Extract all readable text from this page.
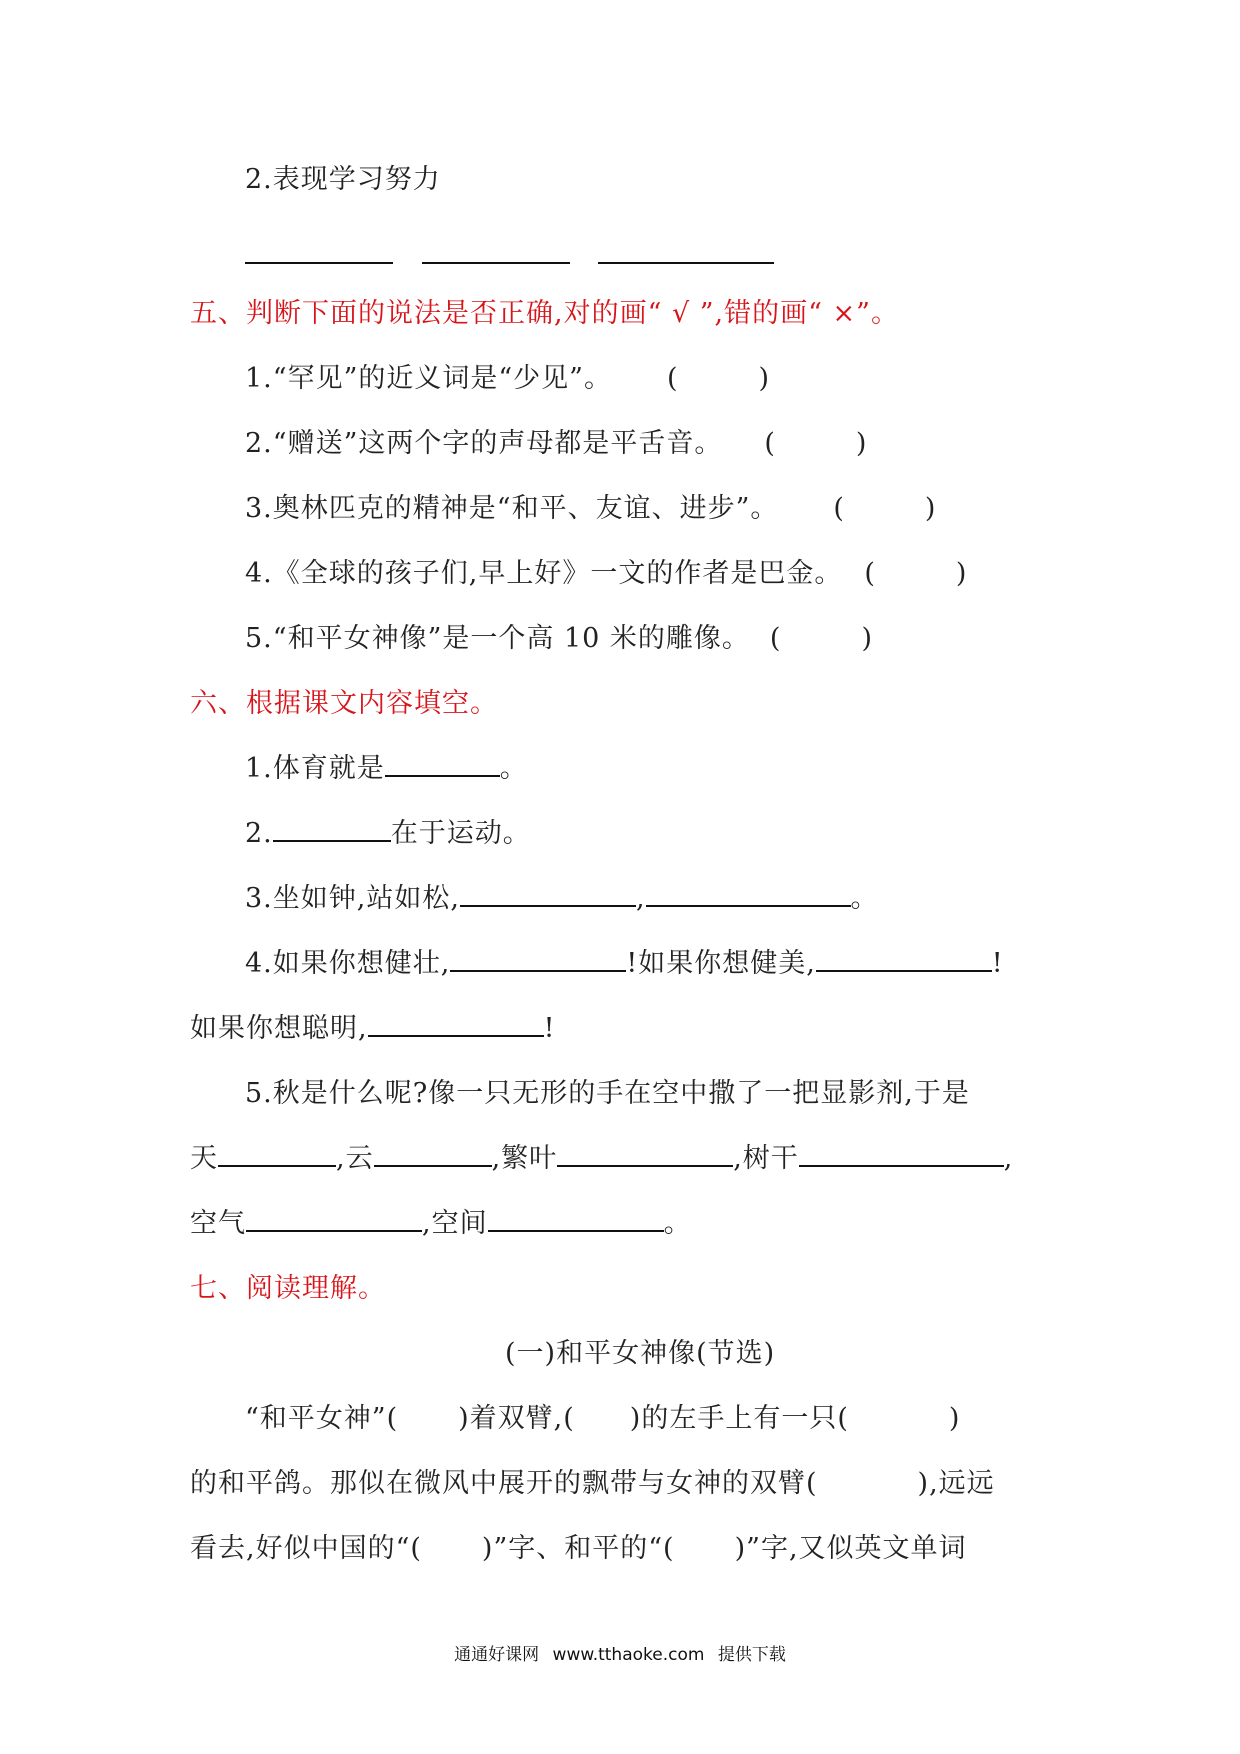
2.表现学习努力
五、判断下面的说法是否正确,对的画“ √ ”,错的画“ ×”。
1.“罕见”的近义词是“少见”。 (	)
2.“赠送”这两个字的声母都是平舌音。 (	)
3.奥林匹克的精神是“和平、友谊、进步”。 (	)
4.《全球的孩子们,早上好》一文的作者是巴金。 (	)
5.“和平女神像”是一个高 10 米的雕像。 (	)
六、根据课文内容填空。
1.体育就是	。
2.	在于运动。
3.坐如钟,站如松,	,	。
4.如果你想健壮,	!如果你想健美,	!
如果你想聪明,	!
5.秋是什么呢?像一只无形的手在空中撒了一把显影剂,于是
天	,云	,繁叶	,树干	,
空气	,空间	。
七、阅读理解。
(一)和平女神像(节选)
“和平女神”( )着双臂,( )的左手上有一只(	)
的和平鸽。那似在微风中展开的飘带与女神的双臂(	),远远
看去,好似中国的“( )”字、和平的“( )”字,又似英文单词
通通好课网 www.tthaoke.com 提供下载
